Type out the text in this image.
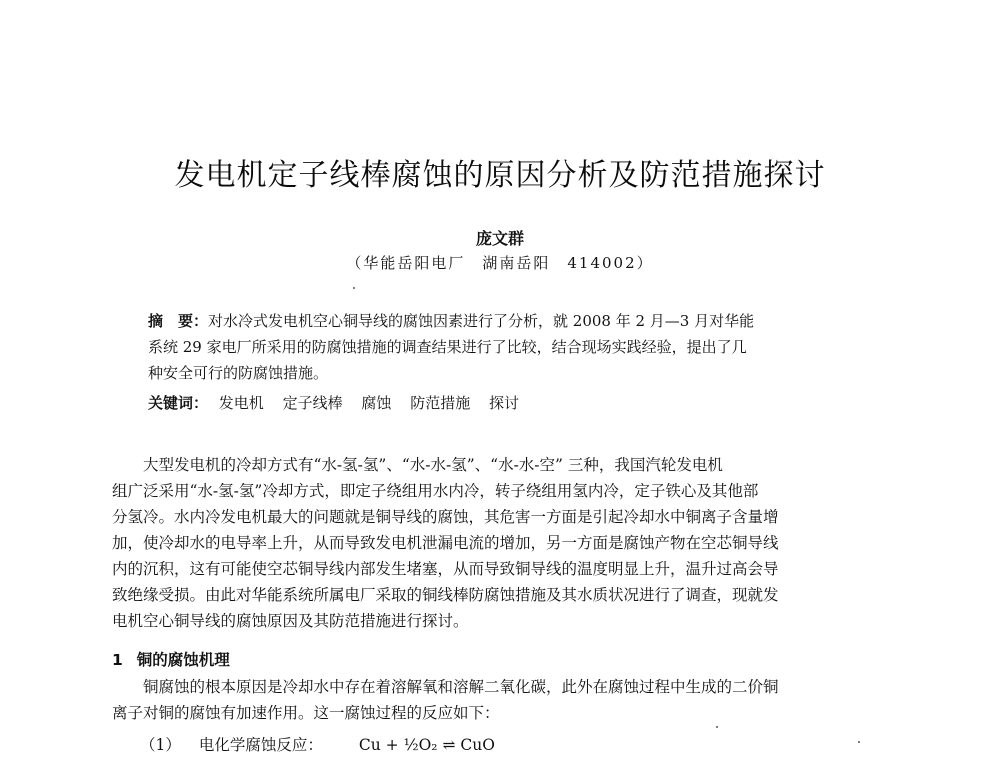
发电机定子线棒腐蚀的原因分析及防范措施探讨
庞文群
（华能岳阳电厂　湖南岳阳　414002）
摘　要：对水冷式发电机空心铜导线的腐蚀因素进行了分析，就 2008 年 2 月—3 月对华能
系统 29 家电厂所采用的防腐蚀措施的调查结果进行了比较，结合现场实践经验，提出了几
种安全可行的防腐蚀措施。
关键词： 发电机 定子线棒 腐蚀 防范措施 探讨
　　大型发电机的冷却方式有“水-氢-氢”、“水-水-氢”、“水-水-空” 三种，我国汽轮发电机
组广泛采用“水-氢-氢”冷却方式，即定子绕组用水内冷，转子绕组用氢内冷，定子铁心及其他部
分氢冷。水内冷发电机最大的问题就是铜导线的腐蚀，其危害一方面是引起冷却水中铜离子含量增
加，使冷却水的电导率上升，从而导致发电机泄漏电流的增加，另一方面是腐蚀产物在空芯铜导线
内的沉积，这有可能使空芯铜导线内部发生堵塞，从而导致铜导线的温度明显上升，温升过高会导
致绝缘受损。由此对华能系统所属电厂采取的铜线棒防腐蚀措施及其水质状况进行了调查，现就发
电机空心铜导线的腐蚀原因及其防范措施进行探讨。
1 铜的腐蚀机理
　　铜腐蚀的根本原因是冷却水中存在着溶解氧和溶解二氧化碳，此外在腐蚀过程中生成的二价铜
离子对铜的腐蚀有加速作用。这一腐蚀过程的反应如下：
（1） 电化学腐蚀反应： Cu + ½O₂ ⇌ CuO
